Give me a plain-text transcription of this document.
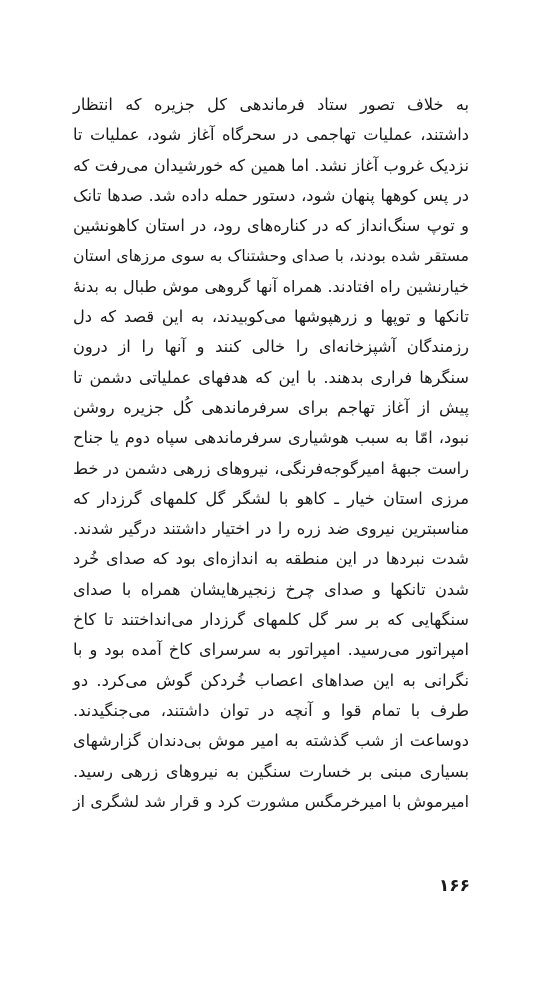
به خلاف تصور ستاد فرماندهی کل جزیره که انتظار
داشتند، عملیات تهاجمی در سحرگاه آغاز شود، عملیات تا
نزدیک غروب آغاز نشد. اما همین که خورشیدان می‌رفت که
در پس کوهها پنهان شود، دستور حمله داده شد. صدها تانک
و توپ سنگ‌انداز که در کناره‌های رود، در استان کاهونشین
مستقر شده بودند، با صدای وحشتناک به سوی مرزهای استان
خیارنشین راه افتادند. همراه آنها گروهی موش طبال به بدنهٔ
تانکها و توپها و زرهپوشها می‌کوبیدند، به این قصد که دل
رزمندگان آشپزخانه‌ای را خالی کنند و آنها را از درون
سنگرها فراری بدهند. با این که هدفهای عملیاتی دشمن تا
پیش از آغاز تهاجم برای سرفرماندهی کُل جزیره روشن
نبود، امّا به سبب هوشیاری سرفرماندهی سپاه دوم یا جناح
راست جبههٔ امیرگوجه‌فرنگی، نیروهای زرهی دشمن در خط
مرزی استان خیار ـ کاهو با لشگر گل کلمهای گرزدار که
مناسبترین نیروی ضد زره را در اختیار داشتند درگیر شدند.
شدت نبردها در این منطقه به اندازه‌ای بود که صدای خُرد
شدن تانکها و صدای چرخ زنجیرهایشان همراه با صدای
سنگهایی که بر سر گل کلمهای گرزدار می‌انداختند تا کاخ
امپراتور می‌رسید. امپراتور به سرسرای کاخ آمده بود و با
نگرانی به این صداهای اعصاب خُردکن گوش می‌کرد. دو
طرف با تمام قوا و آنچه در توان داشتند، می‌جنگیدند.
دوساعت از شب گذشته به امیر موش بی‌دندان گزارشهای
بسیاری مبنی بر خسارت سنگین به نیروهای زرهی رسید.
امیرموش با امیرخرمگس مشورت کرد و قرار شد لشگری از
۱۶۶
